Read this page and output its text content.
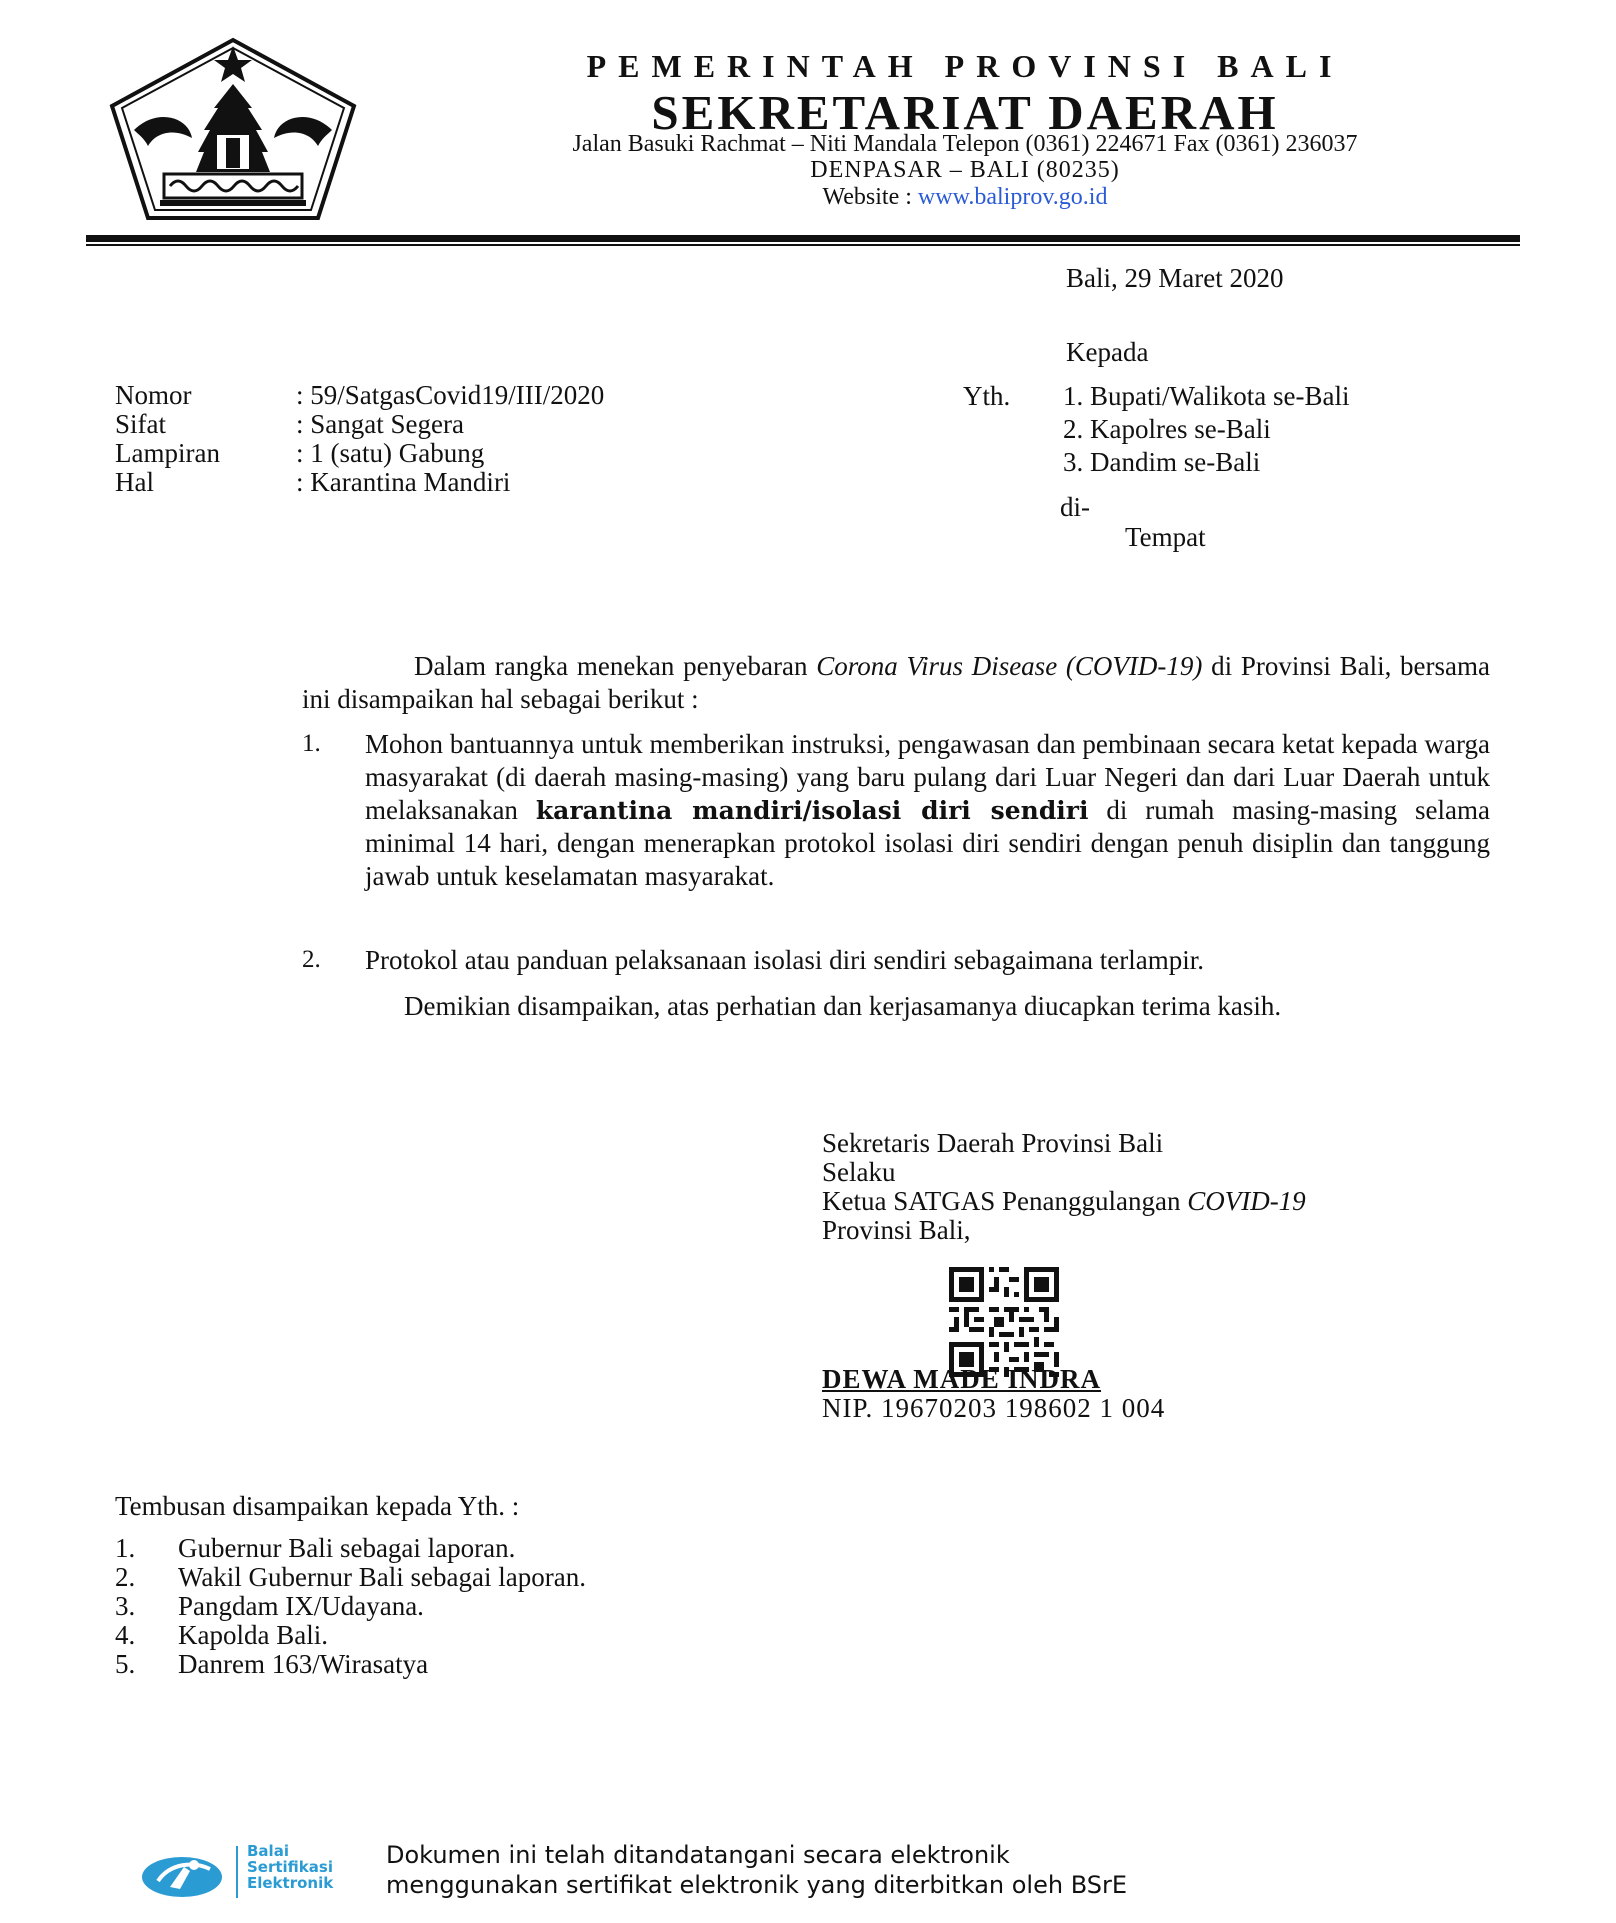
PEMERINTAH PROVINSI BALI
SEKRETARIAT DAERAH
Jalan Basuki Rachmat – Niti Mandala Telepon (0361) 224671 Fax (0361) 236037
DENPASAR – BALI (80235)
Website : www.baliprov.go.id
Bali, 29 Maret 2020
Kepada
Yth. 1. Bupati/Walikota se-Bali
2. Kapolres se-Bali
3. Dandim se-Bali
di-
Tempat
Nomor	: 59/SatgasCovid19/III/2020
Sifat	: Sangat Segera
Lampiran	: 1 (satu) Gabung
Hal	: Karantina Mandiri
Dalam rangka menekan penyebaran Corona Virus Disease (COVID-19) di Provinsi Bali, bersama ini disampaikan hal sebagai berikut :
1. Mohon bantuannya untuk memberikan instruksi, pengawasan dan pembinaan secara ketat kepada warga masyarakat (di daerah masing-masing) yang baru pulang dari Luar Negeri dan dari Luar Daerah untuk melaksanakan karantina mandiri/isolasi diri sendiri di rumah masing-masing selama minimal 14 hari, dengan menerapkan protokol isolasi diri sendiri dengan penuh disiplin dan tanggung jawab untuk keselamatan masyarakat.
2. Protokol atau panduan pelaksanaan isolasi diri sendiri sebagaimana terlampir.
Demikian disampaikan, atas perhatian dan kerjasamanya diucapkan terima kasih.
Sekretaris Daerah Provinsi Bali
Selaku
Ketua SATGAS Penanggulangan COVID-19
Provinsi Bali,
DEWA MADE INDRA
NIP. 19670203 198602 1 004
Tembusan disampaikan kepada Yth. :
1. Gubernur Bali sebagai laporan.
2. Wakil Gubernur Bali sebagai laporan.
3. Pangdam IX/Udayana.
4. Kapolda Bali.
5. Danrem 163/Wirasatya
Balai
Sertifikasi
Elektronik
Dokumen ini telah ditandatangani secara elektronik
menggunakan sertifikat elektronik yang diterbitkan oleh BSrE
